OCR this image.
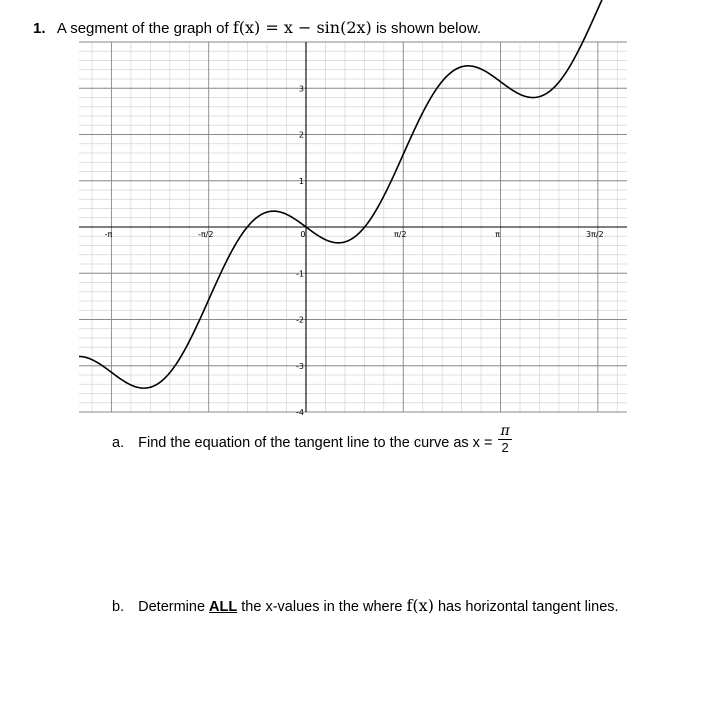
1. A segment of the graph of f(x) = x − sin(2x) is shown below.
-π	-π/2	0	π/2	π	3π/2
3
2
1
-1
-2
-3
-4
a. Find the equation of the tangent line to the curve as $x = \frac{\pi}{2}$
b. Determine ALL the x-values in the where f(x) has horizontal tangent lines.
